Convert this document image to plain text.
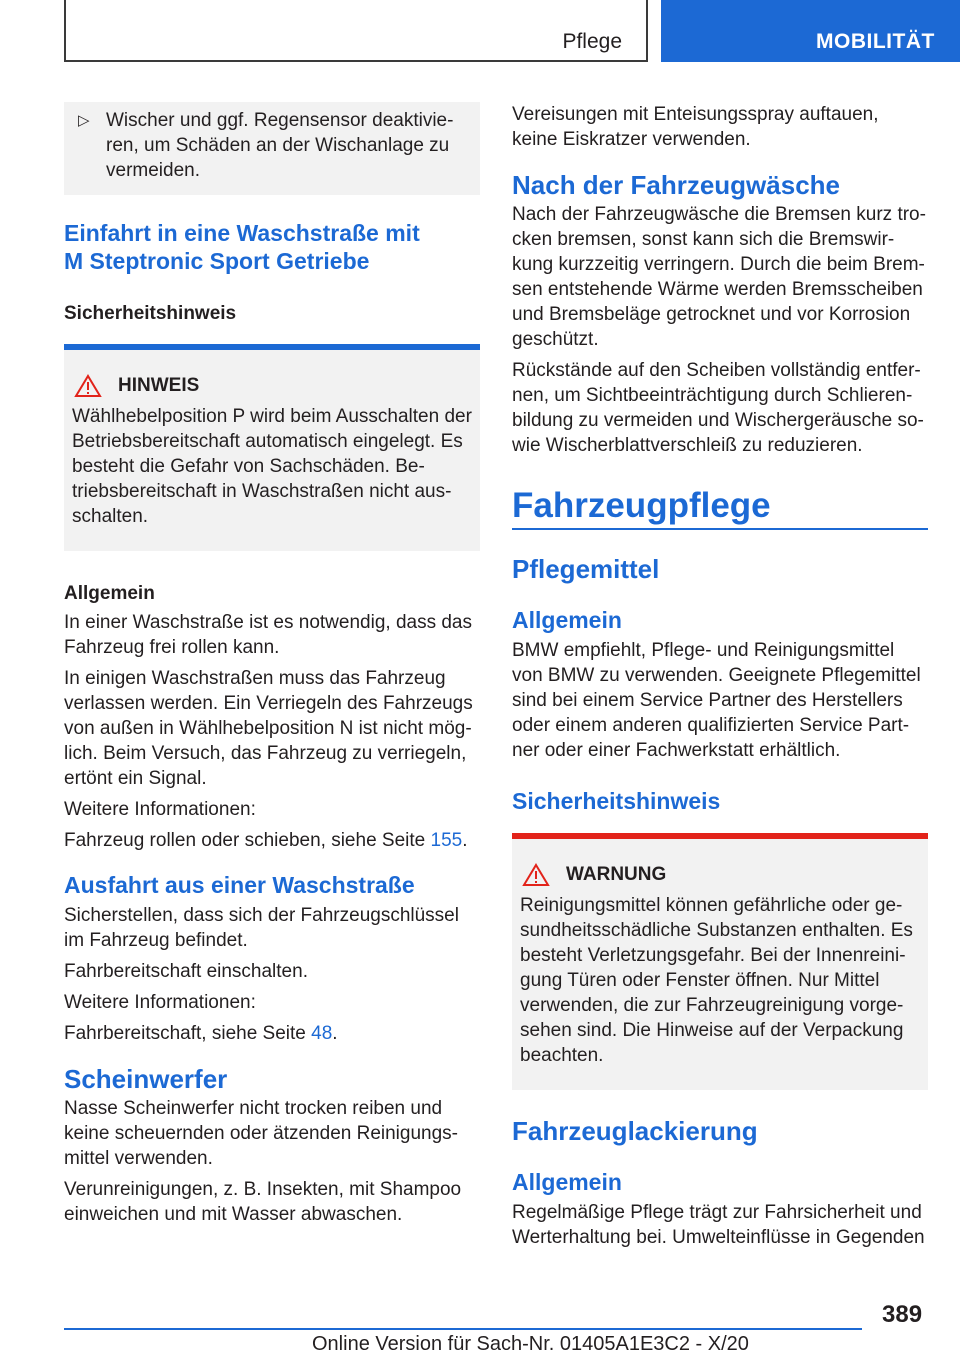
Pflege	MOBILITÄT
▷ Wischer und ggf. Regensensor deaktivie- ren, um Schäden an der Wischanlage zu vermeiden.

Einfahrt in eine Waschstraße mit
M Steptronic Sport Getriebe
Sicherheitshinweis
HINWEIS

Wählhebelposition P wird beim Ausschalten der Betriebsbereitschaft automatisch eingelegt. Es besteht die Gefahr von Sachschäden. Be- triebsbereitschaft in Waschstraßen nicht aus- schalten.

Allgemein

In einer Waschstraße ist es notwendig, dass das Fahrzeug frei rollen kann.

In einigen Waschstraßen muss das Fahrzeug verlassen werden. Ein Verriegeln des Fahrzeugs von außen in Wählhebelposition N ist nicht mög- lich. Beim Versuch, das Fahrzeug zu verriegeln, ertönt ein Signal.

Weitere Informationen:

Fahrzeug rollen oder schieben, siehe Seite 155.

Ausfahrt aus einer Waschstraße

Sicherstellen, dass sich der Fahrzeugschlüssel im Fahrzeug befindet.

Fahrbereitschaft einschalten.

Weitere Informationen:

Fahrbereitschaft, siehe Seite 48.

Scheinwerfer

Nasse Scheinwerfer nicht trocken reiben und keine scheuernden oder ätzenden Reinigungs- mittel verwenden.

Verunreinigungen, z. B. Insekten, mit Shampoo einweichen und mit Wasser abwaschen.

Vereisungen mit Enteisungsspray auftauen, keine Eiskratzer verwenden.

Nach der Fahrzeugwäsche

Nach der Fahrzeugwäsche die Bremsen kurz tro- cken bremsen, sonst kann sich die Bremswir- kung kurzzeitig verringern. Durch die beim Brem- sen entstehende Wärme werden Bremsscheiben und Bremsbeläge getrocknet und vor Korrosion geschützt.

Rückstände auf den Scheiben vollständig entfer- nen, um Sichtbeeinträchtigung durch Schlieren- bildung zu vermeiden und Wischergeräusche so- wie Wischerblattverschleiß zu reduzieren.

Fahrzeugpflege
Pflegemittel
Allgemein

BMW empfiehlt, Pflege- und Reinigungsmittel von BMW zu verwenden. Geeignete Pflegemittel sind bei einem Service Partner des Herstellers oder einem anderen qualifizierten Service Part- ner oder einer Fachwerkstatt erhältlich.

Sicherheitshinweis
WARNUNG

Reinigungsmittel können gefährliche oder ge- sundheitsschädliche Substanzen enthalten. Es besteht Verletzungsgefahr. Bei der Innenreini- gung Türen oder Fenster öffnen. Nur Mittel verwenden, die zur Fahrzeugreinigung vorge- sehen sind. Die Hinweise auf der Verpackung beachten.

Fahrzeuglackierung
Allgemein

Regelmäßige Pflege trägt zur Fahrsicherheit und Werterhaltung bei. Umwelteinflüsse in Gegenden

389
Online Version für Sach-Nr. 01405A1E3C2 - X/20
